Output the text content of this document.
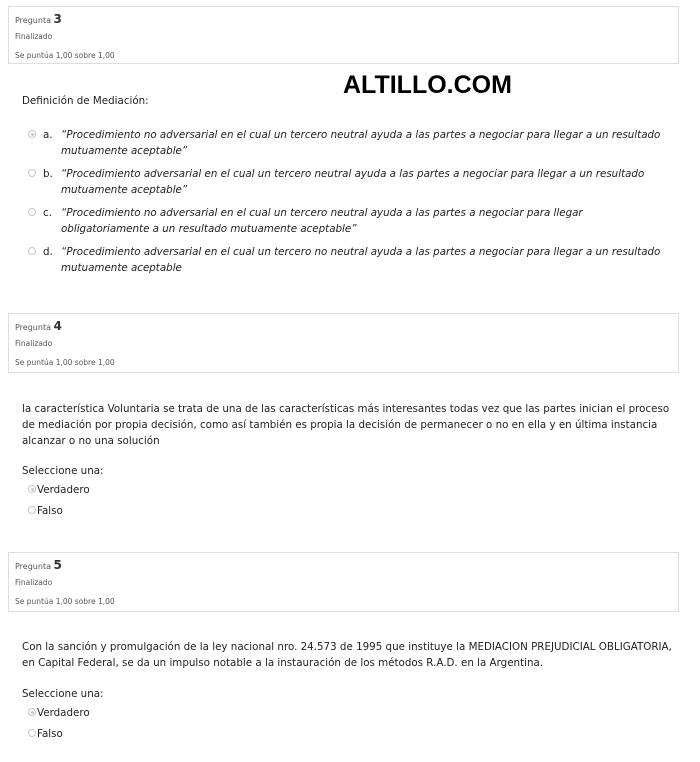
Pregunta 3
Finalizado
Se puntúa 1,00 sobre 1,00
ALTILLO.COM
Definición de Mediación:
a. “Procedimiento no adversarial en el cual un tercero neutral ayuda a las partes a negociar para llegar a un resultado mutuamente aceptable”
b. “Procedimiento adversarial en el cual un tercero neutral ayuda a las partes a negociar para llegar a un resultado mutuamente aceptable”
c. “Procedimiento no adversarial en el cual un tercero neutral ayuda a las partes a negociar para llegar obligatoriamente a un resultado mutuamente aceptable”
d. “Procedimiento adversarial en el cual un tercero no neutral ayuda a las partes a negociar para llegar a un resultado mutuamente aceptable
Pregunta 4
Finalizado
Se puntúa 1,00 sobre 1,00
la característica Voluntaria se trata de una de las características más interesantes todas vez que las partes inician el proceso de mediación por propia decisión, como así también es propia la decisión de permanecer o no en ella y en última instancia alcanzar o no una solución
Seleccione una:
Verdadero
Falso
Pregunta 5
Finalizado
Se puntúa 1,00 sobre 1,00
Con la sanción y promulgación de la ley nacional nro. 24.573 de 1995 que instituye la MEDIACION PREJUDICIAL OBLIGATORIA, en Capital Federal, se da un impulso notable a la instauración de los métodos R.A.D. en la Argentina.
Seleccione una:
Verdadero
Falso
